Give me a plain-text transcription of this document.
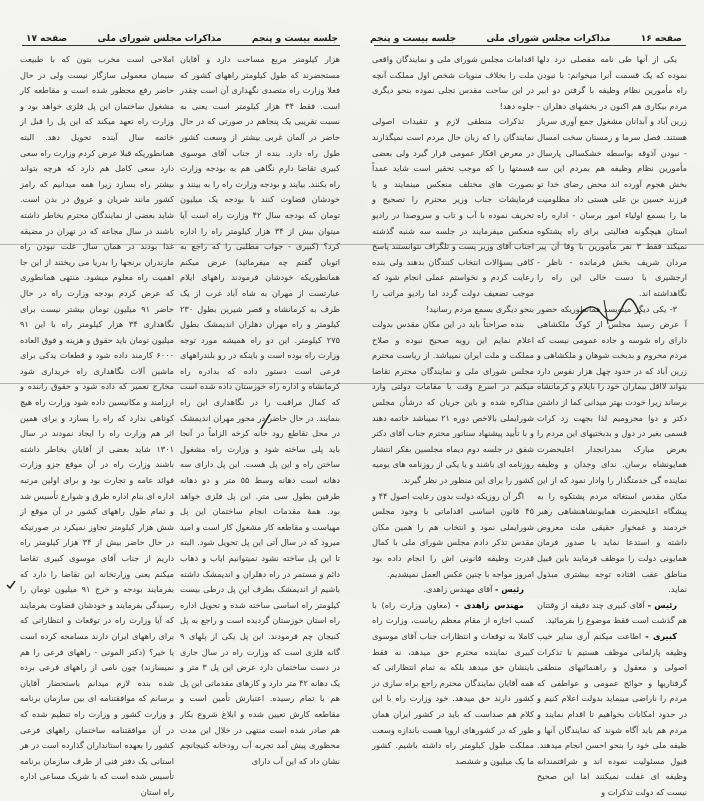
جلسه بیست و پنجم
مذاکرات مجلس شورای ملی
صفحه ۱۷

هزار کیلومتر مربع مساحت دارد و آقایان مستحضرند که طول کیلومتر راههای کشور که فعلا وزارت راه متصدی نگهداری آن است چقدر است. فقط ۳۴ هزار کیلومتر است یعنی به نسبت تقریبی یک پنجاهم در صورتی که در حال حاضر در آلمان غربی بیشتر از وسعت کشور طول راه دارد. بنده از جناب آقای موسوی کبیری تقاضا دارم نگاهی هم به بودجه وزارت راه بکنند. بیایند و بودجه وزارت راه را به بینند و خودشان قضاوت کنند با بودجه یک میلیون تومان که بودجه سال ۴۲ وزارت راه است آیا میتوان بیش از ۳۴ هزار کیلومتر راه را اداره کرد؟ (کبیری - جواب مطلبی را که راجع به اتوبان گفتم چه میفرمائید) عرض میکنم همانطوریکه خودشان فرمودند راههای ایلام عبارتست از مهران به شاه آباد غرب از یک طرف به کرمانشاه و قصر شیرین بطول ۲۳۰ کیلومتر و راه مهران دهلران اندیمشک بطول ۲۷۵ کیلومتر. این دو راه همیشه مورد توجه وزارت راه بوده است و باینکه در رو بلندراههای فرعی است دستور داده که بدادره راه کرمانشاه و اداره راه خوزستان داده شده است که کمال مراقبت را در نگاهداری این راه بنمایند. در حال حاضر در محور مهران اندیمشک در محل تقاطع رود خانه کرخه الزاماً در آنجا باید پلی ساخته شود و وزارت راه مشغول ساختن راه و این پل هست. این پل دارای سه دهانه است دهانه وسط ۵۵ متر و دو دهانه طرفین بطول سی متر. این پل فلزی خواهد بود. همهٔ مقدمات انجام ساختمان این پل مهیاست و مقاطعه کار مشغول کار است و امید میرود که در سال آتی این پل تحویل شود. البته تا این پل ساخته نشود نمیتوانیم ایاب و ذهاب دائم و مستمر در راه دهلران و اندیمشک داشته باشیم از اندیمشک بطرف این پل درطی بیست کیلومتر راه اساسی ساخته شده و تحویل اداره راه استان خوزستان گردیده است و راجع به پل کنیجان چم فرمودند. این پل یکی از پلهای ۹ گانه فلزی است که وزارت راه در سال جاری در دست ساختمان دارد عرض این پل ۳ متر و یک دهانه ۴۲ متر دارد و کارهای مقدماتی این پل هم با تمام رسیده. اعتبارش تأمین است و مقاطعه کارش تعیین شده و ابلاغ شروع بکار هم صادر شده است منتهی در خلال این مدت محظوری پیش آمد تجربه آب رودخانه کنیجانچم نشان داد که این آب دارای

املاحی است مخرب بتون که با طبیعت سیمان معمولی سازگار نیست ولی در حال حاضر رفع محظور شده است و مقاطعه کار مشغول ساختمان این پل فلزی خواهد بود و وزارت راه تعهد میکند که این پل را قبل از خاتمه سال آینده تحویل دهد. البته همانطوریکه قبلا عرض کردم وزارت راه سعی دارد سعی کامل هم دارد که هرچه بتواند بیشتر راه بسازد زیرا همه میدانیم که رامز کشور مانند شریان و عروق در بدن است. شاید بعضی از نمایندگان محترم بخاطر داشته باشند در سال مجاعه که در تهران در مضیقه غذا بودند در همان سال علت نبودن راه مازندران برنجها را بدریا می ریختند از این جا اهمیت راه معلوم میشود. منتهی همانطوری که عرض کردم بودجه وزارت راه در حال حاضر ۹۱ میلیون تومان بیشتر نیست برای نگاهداری ۳۴ هزار کیلومتر راه با این ۹۱ میلیون تومان باید حقوق و هزینه و فوق العاده ۶۰۰۰ کارمند داده شود و قطعات یدکی برای ماشین آلات نگاهداری راه خریداری شود مخارج تعمیر که داده شود و حقوق راننده و ارزامند و مکانیسین داده شود وزارت راه هیچ کوتاهی ندارد که راه را بسازد و برای همین اثر هم وزارت راه را ایجاد نمودند در سال ۱۳۰۱ شاید بعضی از آقایان بخاطر داشته باشند وزارت راه در آن موقع جزو وزارت فوائد عامه و تجارت بود و برای اولین مرتبه اداره ای بنام اداره طرق و شوارع تأسیس شد و تمام طول راههای کشور در آن موقع از شش هزار کیلومتر تجاوز نمیکرد در صورتیکه در حال حاضر بیش از ۳۴ هزار کیلومتر راه داریم از جناب آقای موسوی کبیری تقاضا میکنم یعنی وزارتخانه این تقاضا را دارد که بفرمایند بودجه و خرج ۹۱ میلیون تومان را رسیدگی بفرمایند و خودشان قضاوت بفرمایند که آیا وزارت راه در توقعات و انتظاراتی که برای راههای ایران دارند مسامحه کرده است یا خیر؟ (دکتر الموتی - راههای فرعی را هم نمیسازند) چون نامی از راههای فرعی برده شده بنده لازم میدانم باستحضار آقایان برسانم که موافقتنامه ای بین سازمان برنامه و وزارت کشور و وزارت راه تنظیم شده که در آن موافقتنامه ساختمان راههای فرعی کشور را بعهده استانداران گذارده است در هر استانی یک دفتر فنی از طرف سازمان برنامه تأسیس شده است که با شریک مساعی اداره راه استان

صفحه ۱۶
مذاکرات مجلس شورای ملی
جلسه بیست و پنجم

یکی از آنها طی نامه مفصلی درد دلها نموده که یک قسمت آنرا میخوانم: با نبودن راه مأمورین نظام وظیفه با گرفتن دو ابیر مردم بیکاری هم اکنون در بخشهای دهلران - زرین آباد و آبدانان مشغول جمع آوری سرباز هستند. فصل سرما و زمستان سخت امسال - نبودن آذوقه بواسطه خشکسالی پارسال مأمورین نظام وظیفه هم بمردم این سه بخش هجوم آورده اند محض رضای خدا تو فرزند حسین بن علی هستی داد مظلومیت ما را بسمع اولیاء امور برسان - اداره راه استان هیچگونه فعالیتی برای راه پشتکوه نمیکند فقط ۳ نفر مأمورین با وفا آن پیر مردان شریف بخش فرمانده - ناظر - ارجشیری با دست خالی این راه را نگاهداشته اند.

۳- یکی دیگر مینویسد همانطوریکه حضور آ عرض رسید مجلس از کوک ملکشاهی دارای راه شوسه و جاده عمومی نیست که مردم محروم و بدبخت شوهان و ملکشاهی و زرین آباد که در حدود چهل هزار نفوس دارد بتواند لااقل بیماران خود را بایلام و کرمانشاه برساند زیرا خودت بهتر میدانی کما از داشتن دکتر و دوا محرومیم لذا بجهت زد کرات قسمی بغیر در دول و بدبختیهای این مردم را بعرض مبارک بمدرانجدار اعلیحضرت همایونشاه برسان. ندای وجدان و وظیفه نماینده گی خدمتگذار را وادار نمود که از این مکان مقدس استغاثه مردم پشتکوه را به پیشگاه اعلیحضرت همایونشاهنشاهی رهبر خردمند و غمخوار حقیقی ملت معروض داشته و استدعا نماید با صدور فرمان همایونی دولت را موظف فرمایند باین قبیل مناطق عقب افتاده توجه بیشتری مبذول نماید.

رئیس - آقای کبیری چند دقیقه از وقتتان هم گذشت است فقط موضوع را بفرمائید.

کبیری - اطاعت میکنم آری سایر خیب وظیفه پارلمانی موظف هستیم با تذکرات اصولی و معقول و راهنمائیهای منطقی گرفتاریها و حوائج عمومی و عواطفی که مردم را ناراضی مینماید بدولت اعلام کنیم و در حدود امکانات بخواهیم تا اقدام نمایند و مردم هم باید آگاه شوند که نمایندگان آنها و ظیفه ملی خود را بنحو احسن انجام میدهند. قبول مسئولیت نموده اند و شرافتمندانه وظیفه ای غفلت نمیکنند اما این صحیح نیست که دولت تذکرات و

اقدامات مجلس شورای ملی و نمایندگان واقعی ملت را بخلاف منویات شخص اول مملکت آنچه در این ساحت مقدس تجلی نموده بنحو دیگری جلوه دهد!

تذکرات منطقی لازم و تنقیدات اصولی نمایندگان را که زبان حال مردم است نمیگذارند در معرض افکار عمومی قرار گیرد ولی بعضی قسمتها را که موجب تحقیر است شاید عمداً بصورت های مختلف منعکس مینمایند و یا فرمایشات جناب وزیر محترم را تصحیح و تحریف نموده با آب و تاب و سروصدا در رادیو منعکس میفرمایند در جلسه سه شنبه گذشته اجناب آقای وزیر پست و تلگراف نتوانستند پاسخ کافی بسؤالات انتخاب کنندگان بدهند ولی بنده رعایت کردم و نخواستم عملی انجام شود که موجب تضعیف دولت گردد اما رادیو مراتب را بنحو دیگری بسمع مردم رسانید!

بنده صراحتاً باید در این مکان مقدس بدولت اعلام نمایم این رویه صحیح نبوده و صلاح مملکت و ملت ایران نمیباشد. از ریاست محترم مجلس شورای ملی و نمایندگان محترم تقاضا میکنم در اسرع وقت با مقامات دولتی وارد مذاکره شده و باین جریان که درشأن مجلس شورایملی بالاخص دوره ۲۱ نمیباشد خاتمه دهند و با تأیید پیشنهاد سناتور محترم جناب آقای دکتر شفق در جلسه دوم دیماه مجلسین بفکر انتشار روزنامه ای باشند و یا یکی از روزنامه های یومیه کشور را برای این منظور در نظر گیرند.

اگر آن روزیکه دولت بدون رعایت اصول ۴۴ و ۴۵ قانون اساسی اقداماتی با وجود مجلس شورایملی نمود و انتخاب هم را همین مکان مقدس تذکر دادم مجلس شورای ملی با کمال قدرت وظیفه قانونی اش را انجام داده بود امروز مواجه با چنین عکس العمل نمیشدیم.

رئیس - آقای مهندس زاهدی.

مهندس زاهدی - (معاون وزارت راه) با کسب اجازه از مقام معظم ریاست، وزارت راه کاملا به توقعات و انتظارات جناب آقای موسوی کبیری نماینده محترم حق میدهد، نه فقط باینشان حق میدهد بلکه به تمام انتظاراتی که همه آقایان نمایندگان محترم راجع براه سازی در کشور دارند حق میدهد. خود وزارت راه با این کلام هم صداست که باید در کشور ایران همان طور که در کشورهای اروپا هست باندازه وسعت مملکت طول کیلومتر راه داشته باشیم. کشور ما یک میلیون و ششصد
